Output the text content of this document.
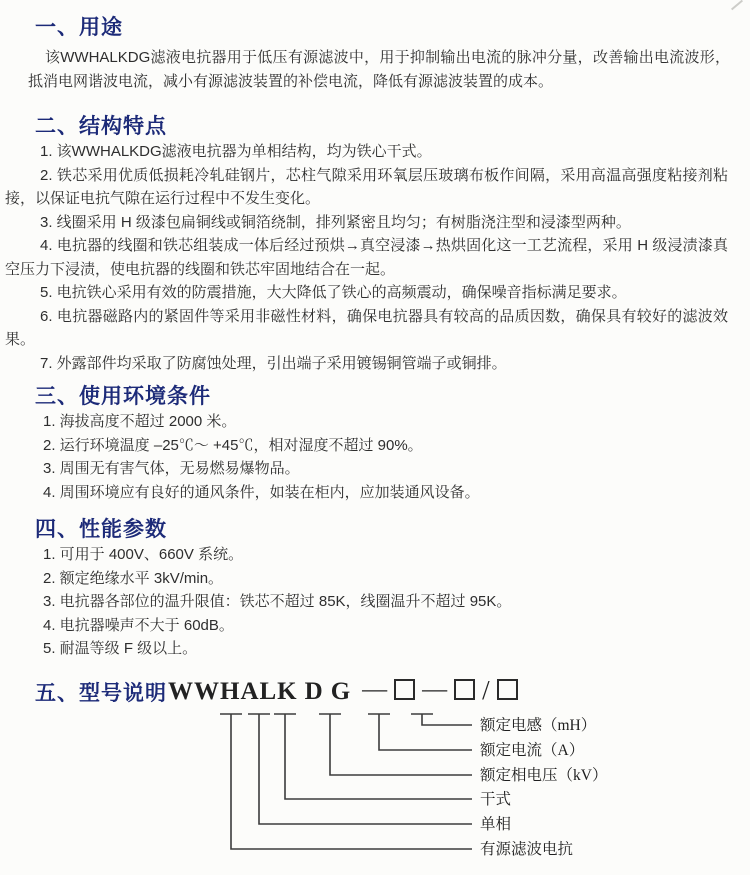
一、用途

该WWHALKDG滤液电抗器用于低压有源滤波中，用于抑制输出电流的脉冲分量，改善输出电流波形，抵消电网谐波电流，减小有源滤波装置的补偿电流，降低有源滤波装置的成本。

二、结构特点

1. 该WWHALKDG滤液电抗器为单相结构，均为铁心干式。

2. 铁芯采用优质低损耗冷轧硅钢片，芯柱气隙采用环氧层压玻璃布板作间隔，采用高温高强度粘接剂粘接，以保证电抗气隙在运行过程中不发生变化。

3. 线圈采用 H 级漆包扁铜线或铜箔绕制，排列紧密且均匀；有树脂浇注型和浸漆型两种。

4. 电抗器的线圈和铁芯组装成一体后经过预烘→真空浸漆→热烘固化这一工艺流程，采用 H 级浸渍漆真空压力下浸渍，使电抗器的线圈和铁芯牢固地结合在一起。

5. 电抗铁心采用有效的防震措施，大大降低了铁心的高频震动，确保噪音指标满足要求。

6. 电抗器磁路内的紧固件等采用非磁性材料，确保电抗器具有较高的品质因数，确保具有较好的滤波效果。

7. 外露部件均采取了防腐蚀处理，引出端子采用镀锡铜管端子或铜排。

三、使用环境条件

1. 海拔高度不超过 2000 米。

2. 运行环境温度 –25℃～ +45℃，相对湿度不超过 90%。

3. 周围无有害气体，无易燃易爆物品。

4. 周围环境应有良好的通风条件，如装在柜内，应加装通风设备。

四、性能参数

1. 可用于 400V、660V 系统。

2. 额定绝缘水平 3kV/min。

3. 电抗器各部位的温升限值：铁芯不超过 85K，线圈温升不超过 95K。

4. 电抗器噪声不大于 60dB。

5. 耐温等级 F 级以上。

五、型号说明 WWHALK D G — — /
额定电感（mH）
额定电流（A）
额定相电压（kV）
干式
单相
有源滤波电抗
